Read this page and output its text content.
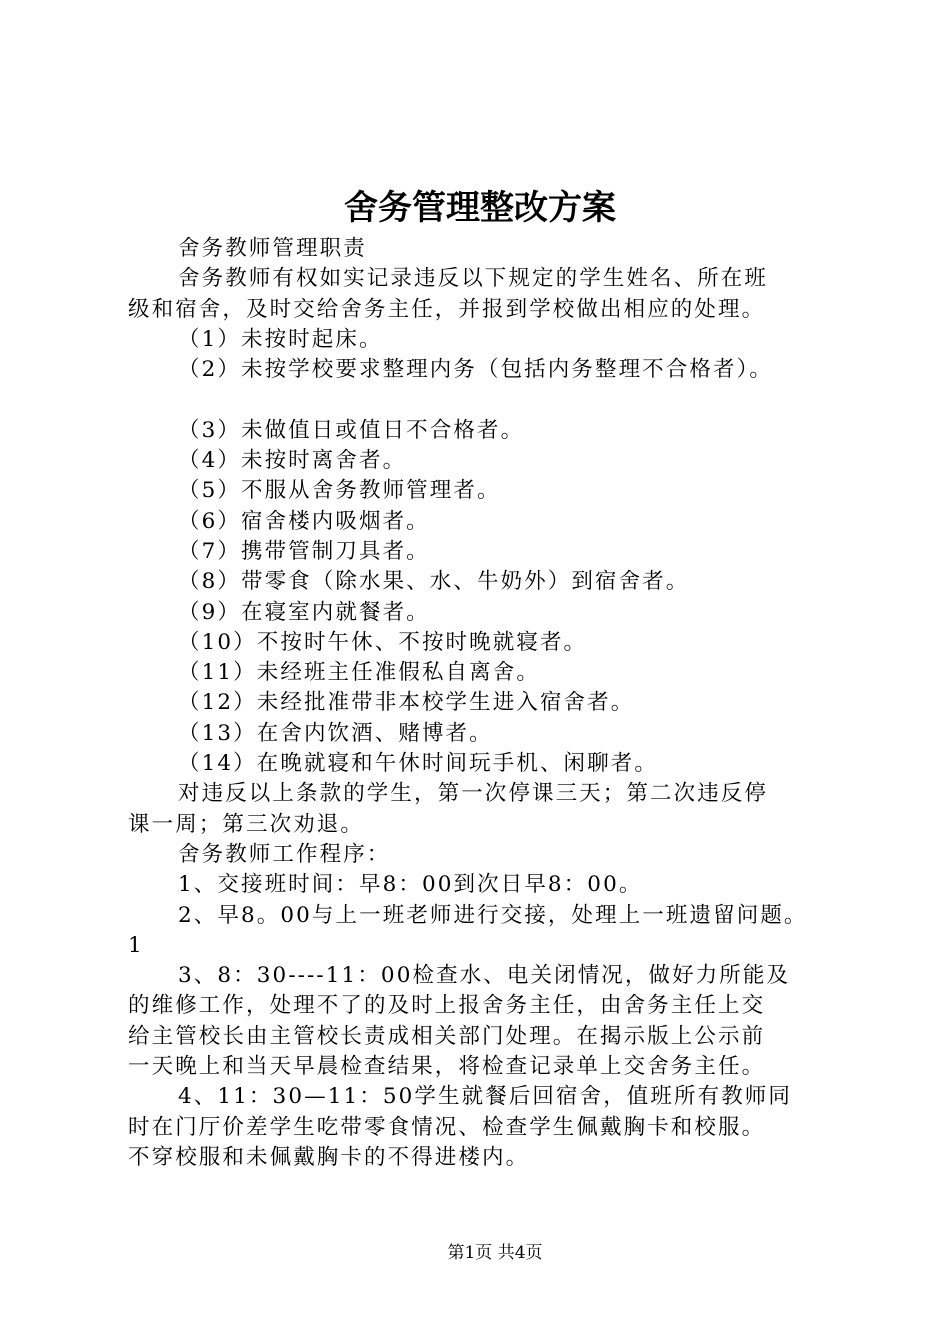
舍务管理整改方案

舍务教师管理职责

舍务教师有权如实记录违反以下规定的学生姓名、所在班
级和宿舍，及时交给舍务主任，并报到学校做出相应的处理。

（1）未按时起床。

（2）未按学校要求整理内务（包括内务整理不合格者）。

（3）未做值日或值日不合格者。

（4）未按时离舍者。

（5）不服从舍务教师管理者。

（6）宿舍楼内吸烟者。

（7）携带管制刀具者。

（8）带零食（除水果、水、牛奶外）到宿舍者。

（9）在寝室内就餐者。

（10）不按时午休、不按时晚就寝者。

（11）未经班主任准假私自离舍。

（12）未经批准带非本校学生进入宿舍者。

（13）在舍内饮酒、赌博者。

（14）在晚就寝和午休时间玩手机、闲聊者。

对违反以上条款的学生，第一次停课三天；第二次违反停
课一周；第三次劝退。

舍务教师工作程序：

1、交接班时间：早8：00到次日早8：00。

2、早8。00与上一班老师进行交接，处理上一班遗留问题。
1

3、8：30----11：00检查水、电关闭情况，做好力所能及
的维修工作，处理不了的及时上报舍务主任，由舍务主任上交
给主管校长由主管校长责成相关部门处理。在揭示版上公示前
一天晚上和当天早晨检查结果，将检查记录单上交舍务主任。

4、11：30—11：50学生就餐后回宿舍，值班所有教师同
时在门厅价差学生吃带零食情况、检查学生佩戴胸卡和校服。
不穿校服和未佩戴胸卡的不得进楼内。

第1页 共4页
